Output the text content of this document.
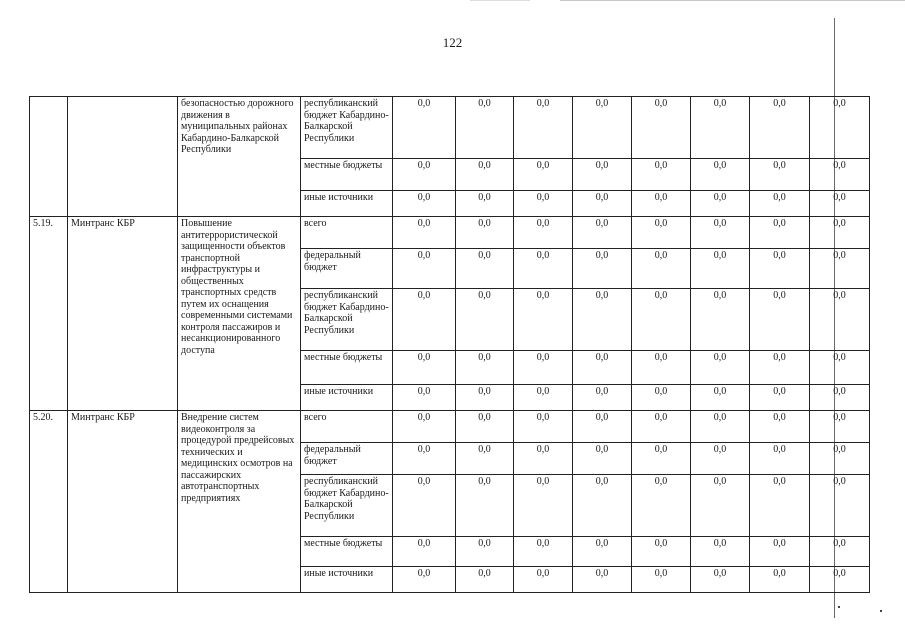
122
		безопасностью дорожного движения в муниципальных районах Кабардино-Балкарской Республики	республиканский бюджет Кабардино-Балкарской Республики	0,0	0,0	0,0	0,0	0,0	0,0	0,0	0,0
			местные бюджеты	0,0	0,0	0,0	0,0	0,0	0,0	0,0	0,0
			иные источники	0,0	0,0	0,0	0,0	0,0	0,0	0,0	0,0
5.19.	Минтранс КБР	Повышение антитеррористической защищенности объектов транспортной инфраструктуры и общественных транспортных средств путем их оснащения современными системами контроля пассажиров и несанкционированного доступа	всего	0,0	0,0	0,0	0,0	0,0	0,0	0,0	0,0
			федеральный бюджет	0,0	0,0	0,0	0,0	0,0	0,0	0,0	0,0
			республиканский бюджет Кабардино-Балкарской Республики	0,0	0,0	0,0	0,0	0,0	0,0	0,0	0,0
			местные бюджеты	0,0	0,0	0,0	0,0	0,0	0,0	0,0	0,0
			иные источники	0,0	0,0	0,0	0,0	0,0	0,0	0,0	0,0
5.20.	Минтранс КБР	Внедрение систем видеоконтроля за процедурой предрейсовых технических и медицинских осмотров на пассажирских автотранспортных предприятиях	всего	0,0	0,0	0,0	0,0	0,0	0,0	0,0	0,0
			федеральный бюджет	0,0	0,0	0,0	0,0	0,0	0,0	0,0	0,0
			республиканский бюджет Кабардино-Балкарской Республики	0,0	0,0	0,0	0,0	0,0	0,0	0,0	0,0
			местные бюджеты	0,0	0,0	0,0	0,0	0,0	0,0	0,0	0,0
			иные источники	0,0	0,0	0,0	0,0	0,0	0,0	0,0	0,0
